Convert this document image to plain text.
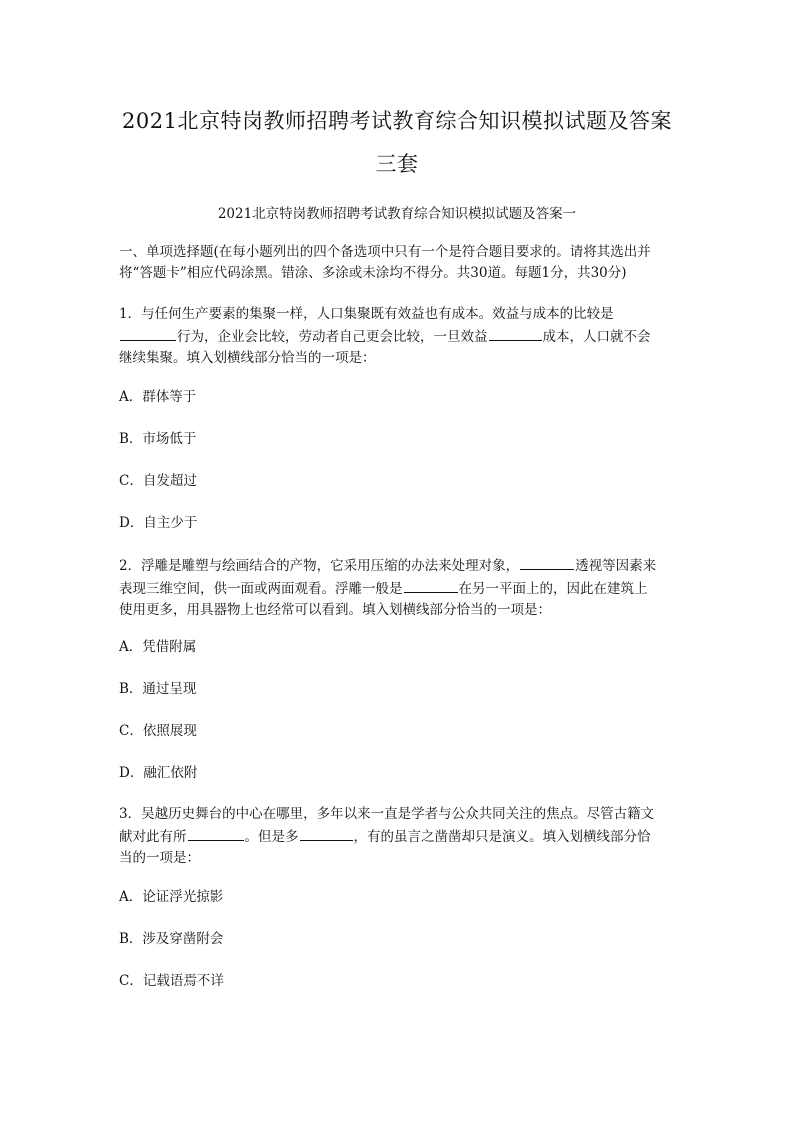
2021北京特岗教师招聘考试教育综合知识模拟试题及答案
三套
2021北京特岗教师招聘考试教育综合知识模拟试题及答案一
一、单项选择题(在每小题列出的四个备选项中只有一个是符合题目要求的。请将其选出并
将“答题卡”相应代码涂黑。错涂、多涂或未涂均不得分。共30道。每题1分，共30分)
1．与任何生产要素的集聚一样，人口集聚既有效益也有成本。效益与成本的比较是
行为，企业会比较，劳动者自己更会比较，一旦效益	成本，人口就不会
继续集聚。填入划横线部分恰当的一项是：
A．群体等于
B．市场低于
C．自发超过
D．自主少于
2．浮雕是雕塑与绘画结合的产物，它采用压缩的办法来处理对象，	透视等因素来
表现三维空间，供一面或两面观看。浮雕一般是	在另一平面上的，因此在建筑上
使用更多，用具器物上也经常可以看到。填入划横线部分恰当的一项是：
A．凭借附属
B．通过呈现
C．依照展现
D．融汇依附
3．吴越历史舞台的中心在哪里，多年以来一直是学者与公众共同关注的焦点。尽管古籍文
献对此有所	。但是多	，有的虽言之凿凿却只是演义。填入划横线部分恰
当的一项是：
A．论证浮光掠影
B．涉及穿凿附会
C．记载语焉不详
